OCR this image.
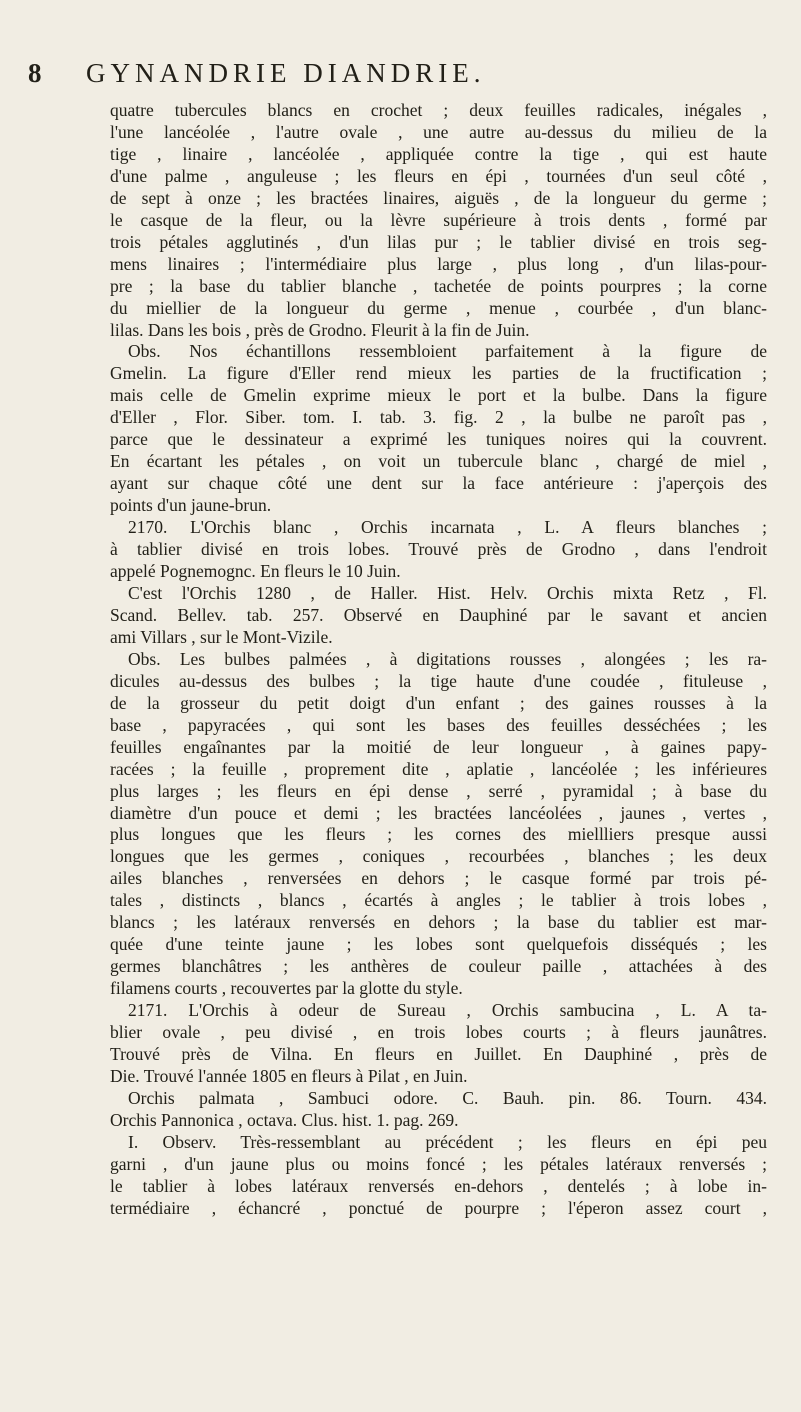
8 GYNANDRIE DIANDRIE.
quatre tubercules blancs en crochet ; deux feuilles radicales, inégales ,
l'une lancéolée , l'autre ovale , une autre au-dessus du milieu de la
tige , linaire , lancéolée , appliquée contre la tige , qui est haute
d'une palme , anguleuse ; les fleurs en épi , tournées d'un seul côté ,
de sept à onze ; les bractées linaires, aiguës , de la longueur du germe ;
le casque de la fleur, ou la lèvre supérieure à trois dents , formé par
trois pétales agglutinés , d'un lilas pur ; le tablier divisé en trois seg-
mens linaires ; l'intermédiaire plus large , plus long , d'un lilas-pour-
pre ; la base du tablier blanche , tachetée de points pourpres ; la corne
du miellier de la longueur du germe , menue , courbée , d'un blanc-
lilas. Dans les bois , près de Grodno. Fleurit à la fin de Juin.
Obs. Nos échantillons ressembloient parfaitement à la figure de
Gmelin. La figure d'Eller rend mieux les parties de la fructification ;
mais celle de Gmelin exprime mieux le port et la bulbe. Dans la figure
d'Eller , Flor. Siber. tom. I. tab. 3. fig. 2 , la bulbe ne paroît pas ,
parce que le dessinateur a exprimé les tuniques noires qui la couvrent.
En écartant les pétales , on voit un tubercule blanc , chargé de miel ,
ayant sur chaque côté une dent sur la face antérieure : j'aperçois des
points d'un jaune-brun.
2170. L'Orchis blanc , Orchis incarnata , L. A fleurs blanches ;
à tablier divisé en trois lobes. Trouvé près de Grodno , dans l'endroit
appelé Pognemognc. En fleurs le 10 Juin.
C'est l'Orchis 1280 , de Haller. Hist. Helv. Orchis mixta Retz , Fl.
Scand. Bellev. tab. 257. Observé en Dauphiné par le savant et ancien
ami Villars , sur le Mont-Vizile.
Obs. Les bulbes palmées , à digitations rousses , alongées ; les ra-
dicules au-dessus des bulbes ; la tige haute d'une coudée , fituleuse ,
de la grosseur du petit doigt d'un enfant ; des gaines rousses à la
base , papyracées , qui sont les bases des feuilles desséchées ; les
feuilles engaînantes par la moitié de leur longueur , à gaines papy-
racées ; la feuille , proprement dite , aplatie , lancéolée ; les inférieures
plus larges ; les fleurs en épi dense , serré , pyramidal ; à base du
diamètre d'un pouce et demi ; les bractées lancéolées , jaunes , vertes ,
plus longues que les fleurs ; les cornes des miellliers presque aussi
longues que les germes , coniques , recourbées , blanches ; les deux
ailes blanches , renversées en dehors ; le casque formé par trois pé-
tales , distincts , blancs , écartés à angles ; le tablier à trois lobes ,
blancs ; les latéraux renversés en dehors ; la base du tablier est mar-
quée d'une teinte jaune ; les lobes sont quelquefois disséqués ; les
germes blanchâtres ; les anthères de couleur paille , attachées à des
filamens courts , recouvertes par la glotte du style.
2171. L'Orchis à odeur de Sureau , Orchis sambucina , L. A ta-
blier ovale , peu divisé , en trois lobes courts ; à fleurs jaunâtres.
Trouvé près de Vilna. En fleurs en Juillet. En Dauphiné , près de
Die. Trouvé l'année 1805 en fleurs à Pilat , en Juin.
Orchis palmata , Sambuci odore. C. Bauh. pin. 86. Tourn. 434.
Orchis Pannonica , octava. Clus. hist. 1. pag. 269.
I. Observ. Très-ressemblant au précédent ; les fleurs en épi peu
garni , d'un jaune plus ou moins foncé ; les pétales latéraux renversés ;
le tablier à lobes latéraux renversés en-dehors , dentelés ; à lobe in-
termédiaire , échancré , ponctué de pourpre ; l'éperon assez court ,
